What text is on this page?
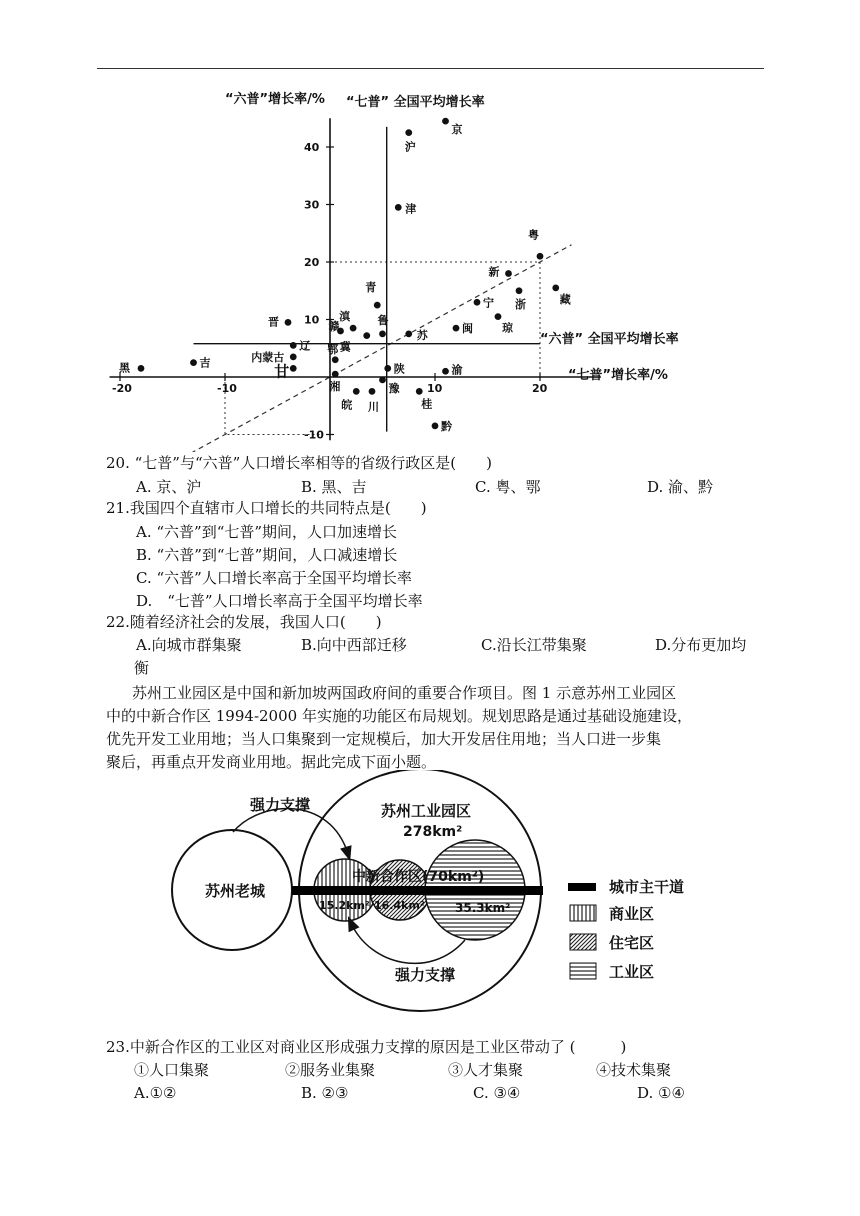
-20	-10	10	20
40
30
20
10
-10
“六普”增长率/%
“七普”增长率/%
“七普” 全国平均增长率
“六普” 全国平均增长率
京
沪
津
粤
新
藏
浙
宁
琼
闽
青
晋	赣
滇 鲁
苏
冀
辽
内蒙古
鄂
吉
黑	甘	陕	渝
湘	豫
皖 川	桂
黔
20. “七普”与“六普”人口增长率相等的省级行政区是(　　)
A. 京、沪	B. 黑、吉	C. 粤、鄂	D. 渝、黔
21.我国四个直辖市人口增长的共同特点是(　　)
A. “六普”到“七普”期间，人口加速增长
B. “六普”到“七普”期间，人口减速增长
C. “六普”人口增长率高于全国平均增长率
D.　“七普”人口增长率高于全国平均增长率
22.随着经济社会的发展，我国人口(　　)
A.向城市群集聚	B.向中西部迁移	C.沿长江带集聚	D.分布更加均
衡
苏州工业园区是中国和新加坡两国政府间的重要合作项目。图 1 示意苏州工业园区
中的中新合作区 1994-2000 年实施的功能区布局规划。规划思路是通过基础设施建设，
优先开发工业用地；当人口集聚到一定规模后，加大开发居住用地；当人口进一步集
聚后，再重点开发商业用地。据此完成下面小题。
强力支撑
强力支撑
苏州老城
苏州工业园区
278km²
中新合作区(70km²)
15.2km² 16.4km²	35.3km²
城市主干道
商业区
住宅区
工业区
23.中新合作区的工业区对商业区形成强力支撑的原因是工业区带动了 (　　　)
①人口集聚	②服务业集聚	③人才集聚	④技术集聚
A.①②	B. ②③	C. ③④	D. ①④
